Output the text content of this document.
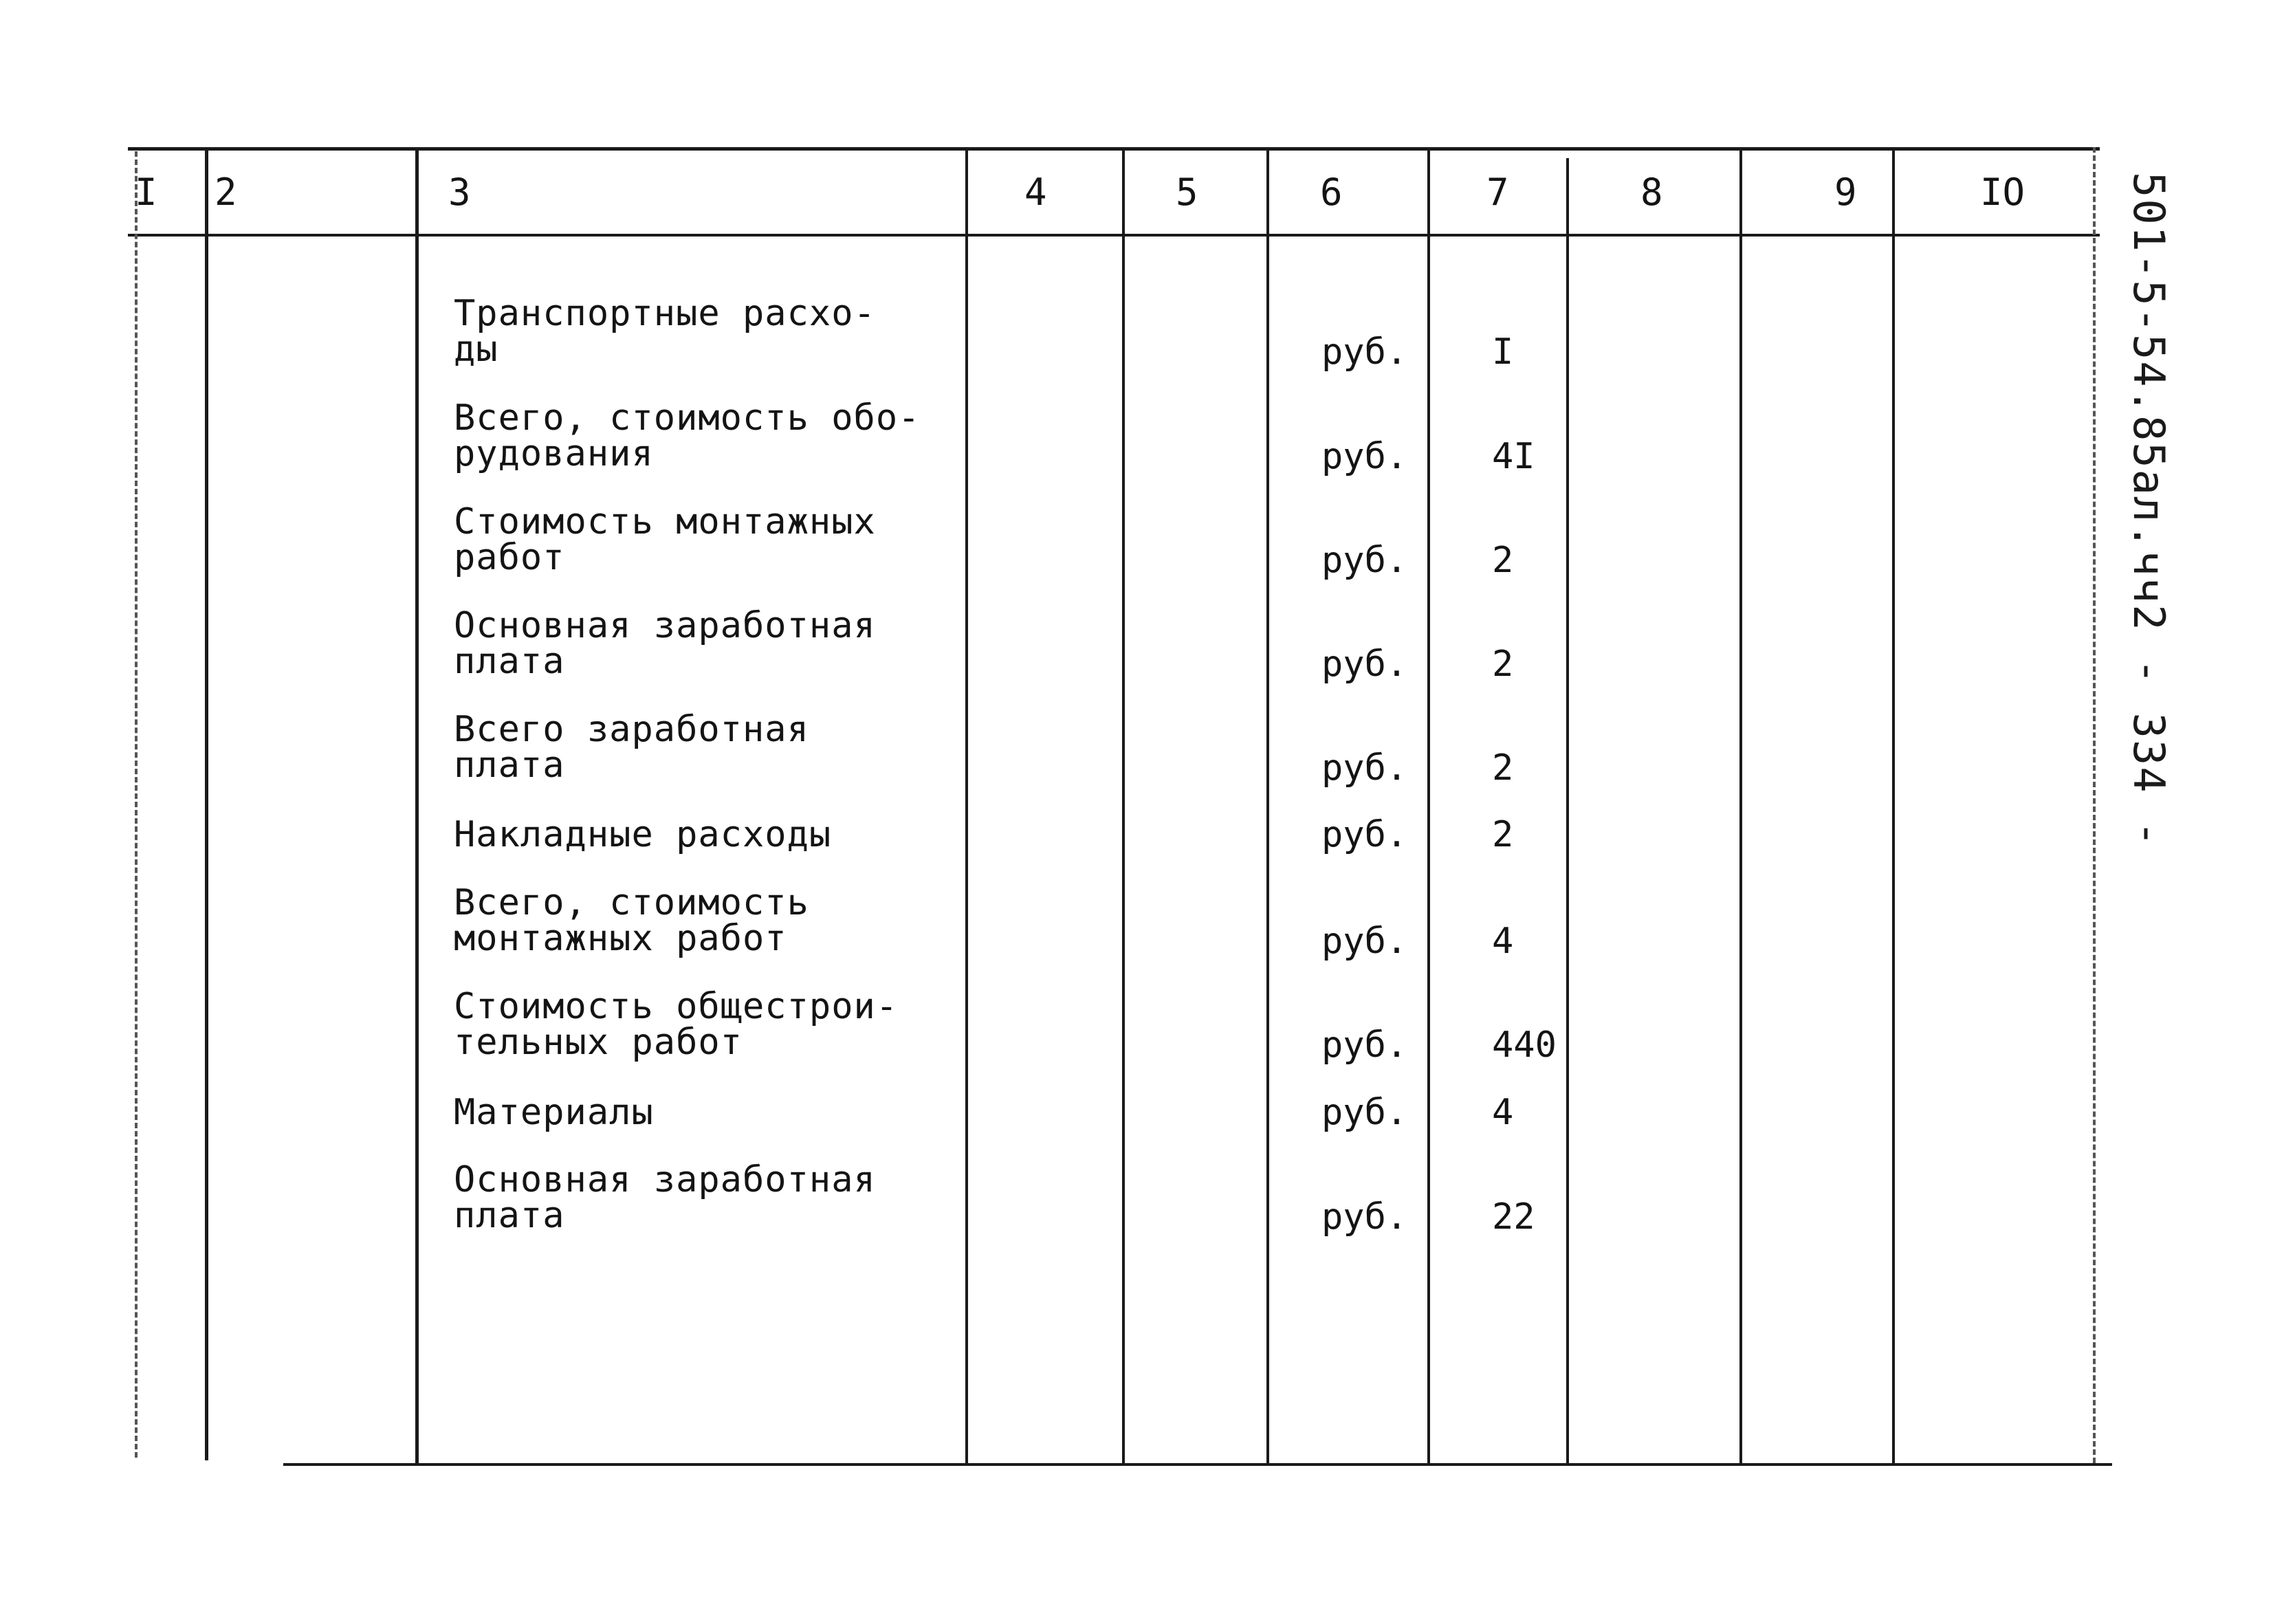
I 2	3	4	5	6	7	8	9	IO
Транспортные расхо-
ды	руб. I
Всего, стоимость обо-
рудования	руб. 4I
Стоимость монтажных
работ	руб. 2
Основная заработная
плата	руб. 2
Всего заработная
плата	руб. 2
Накладные расходы	руб. 2
Всего, стоимость
монтажных работ	руб. 4
Стоимость общестрои-
тельных работ	руб. 440
Материалы	руб. 4
Основная заработная
плата	руб. 22
501-5-54.85ал.чч2 - 334 -
